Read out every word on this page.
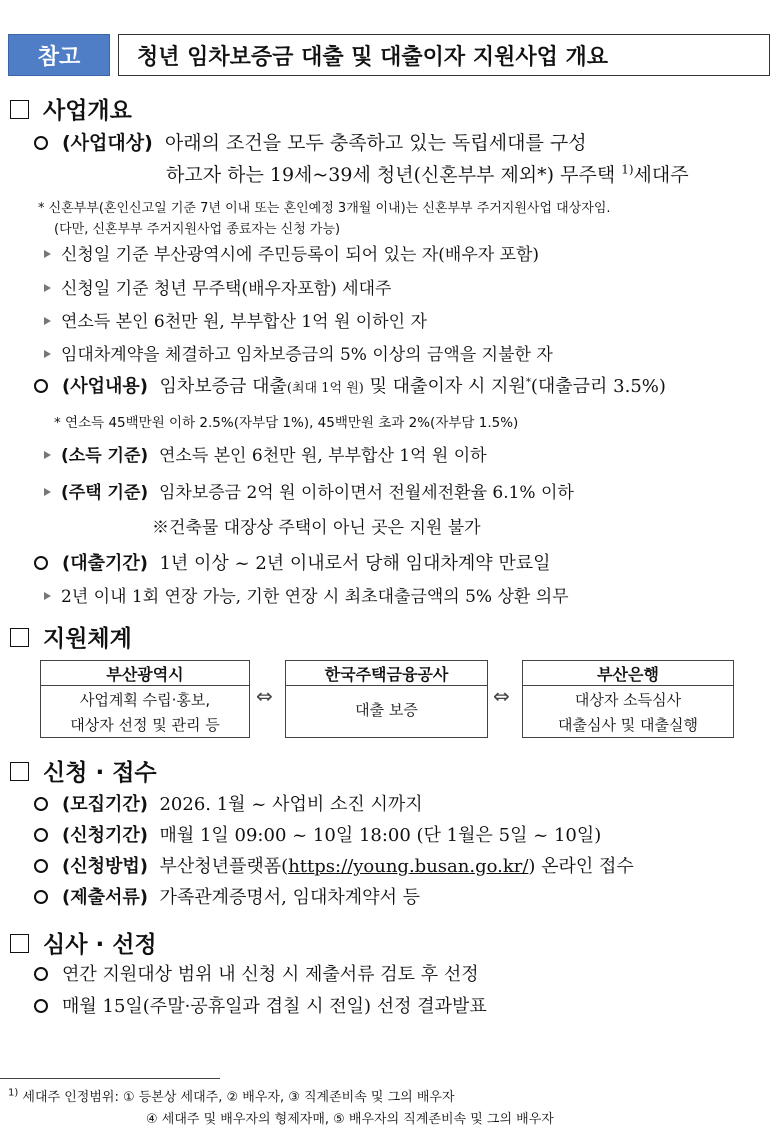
참고	청년 임차보증금 대출 및 대출이자 지원사업 개요
사업개요
(사업대상) 아래의 조건을 모두 충족하고 있는 독립세대를 구성
하고자 하는 19세~39세 청년(신혼부부 제외*) 무주택 $^{1)}$세대주
* 신혼부부(혼인신고일 기준 7년 이내 또는 혼인예정 3개월 이내)는 신혼부부 주거지원사업 대상자임.
(다만, 신혼부부 주거지원사업 종료자는 신청 가능)
신청일 기준 부산광역시에 주민등록이 되어 있는 자(배우자 포함)
신청일 기준 청년 무주택(배우자포함) 세대주
연소득 본인 6천만 원, 부부합산 1억 원 이하인 자
임대차계약을 체결하고 임차보증금의 5% 이상의 금액을 지불한 자
(사업내용) 임차보증금 대출(최대 1억 원) 및 대출이자 시 지원*(대출금리 3.5%)
* 연소득 45백만원 이하 2.5%(자부담 1%), 45백만원 초과 2%(자부담 1.5%)
(소득 기준) 연소득 본인 6천만 원, 부부합산 1억 원 이하
(주택 기준) 임차보증금 2억 원 이하이면서 전월세전환율 6.1% 이하
※건축물 대장상 주택이 아닌 곳은 지원 불가
(대출기간) 1년 이상 ~ 2년 이내로서 당해 임대차계약 만료일
2년 이내 1회 연장 가능, 기한 연장 시 최초대출금액의 5% 상환 의무
지원체계
부산광역시
사업계획 수립·홍보,
대상자 선정 및 관리 등
⇔
한국주택금융공사
대출 보증
⇔
부산은행
대상자 소득심사
대출심사 및 대출실행
신청 · 접수
(모집기간) 2026. 1월 ~ 사업비 소진 시까지
(신청기간) 매월 1일 09:00 ~ 10일 18:00 (단 1월은 5일 ~ 10일)
(신청방법) 부산청년플랫폼(https://young.busan.go.kr/) 온라인 접수
(제출서류) 가족관계증명서, 임대차계약서 등
심사 · 선정
연간 지원대상 범위 내 신청 시 제출서류 검토 후 선정
매월 15일(주말·공휴일과 겹칠 시 전일) 선정 결과발표
$^{1)}$ 세대주 인정범위: ① 등본상 세대주, ② 배우자, ③ 직계존비속 및 그의 배우자
④ 세대주 및 배우자의 형제자매, ⑤ 배우자의 직계존비속 및 그의 배우자
